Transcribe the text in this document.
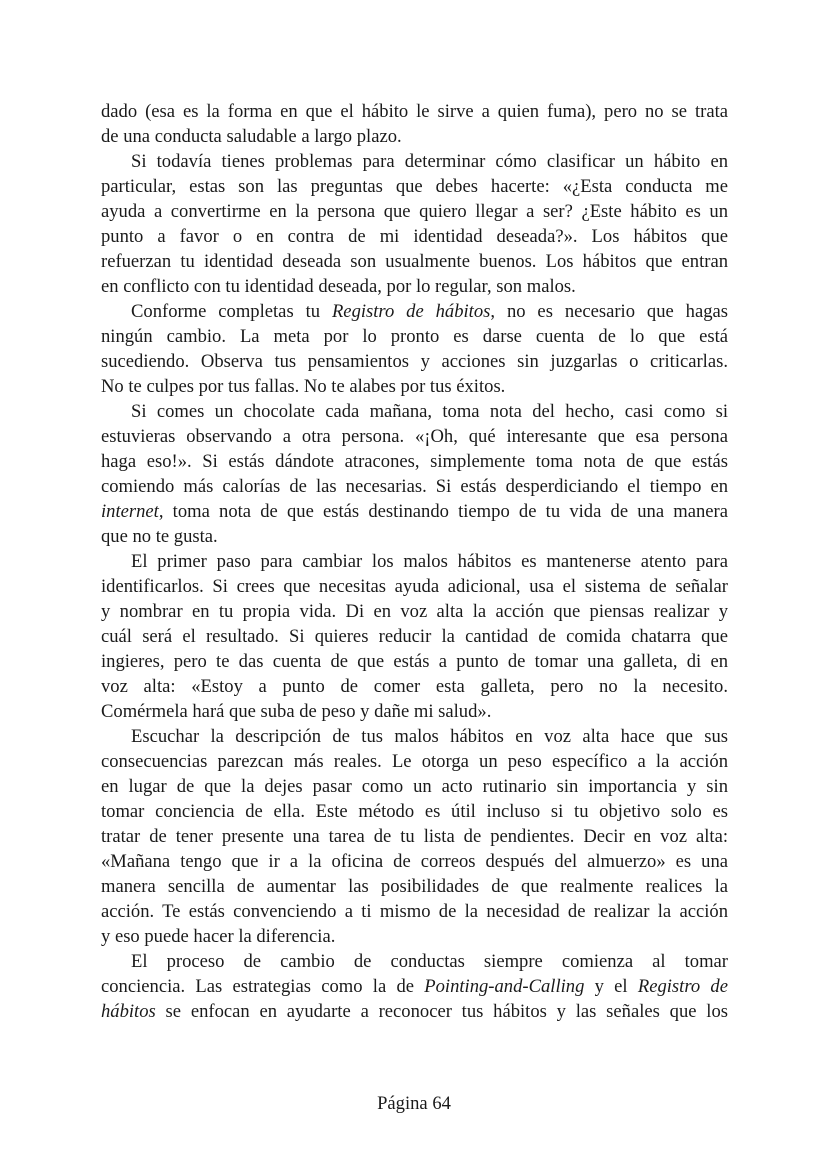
dado (esa es la forma en que el hábito le sirve a quien fuma), pero no se trata
de una conducta saludable a largo plazo.
Si todavía tienes problemas para determinar cómo clasificar un hábito en
particular, estas son las preguntas que debes hacerte: «¿Esta conducta me
ayuda a convertirme en la persona que quiero llegar a ser? ¿Este hábito es un
punto a favor o en contra de mi identidad deseada?». Los hábitos que
refuerzan tu identidad deseada son usualmente buenos. Los hábitos que entran
en conflicto con tu identidad deseada, por lo regular, son malos.
Conforme completas tu Registro de hábitos, no es necesario que hagas
ningún cambio. La meta por lo pronto es darse cuenta de lo que está
sucediendo. Observa tus pensamientos y acciones sin juzgarlas o criticarlas.
No te culpes por tus fallas. No te alabes por tus éxitos.
Si comes un chocolate cada mañana, toma nota del hecho, casi como si
estuvieras observando a otra persona. «¡Oh, qué interesante que esa persona
haga eso!». Si estás dándote atracones, simplemente toma nota de que estás
comiendo más calorías de las necesarias. Si estás desperdiciando el tiempo en
internet, toma nota de que estás destinando tiempo de tu vida de una manera
que no te gusta.
El primer paso para cambiar los malos hábitos es mantenerse atento para
identificarlos. Si crees que necesitas ayuda adicional, usa el sistema de señalar
y nombrar en tu propia vida. Di en voz alta la acción que piensas realizar y
cuál será el resultado. Si quieres reducir la cantidad de comida chatarra que
ingieres, pero te das cuenta de que estás a punto de tomar una galleta, di en
voz alta: «Estoy a punto de comer esta galleta, pero no la necesito.
Comérmela hará que suba de peso y dañe mi salud».
Escuchar la descripción de tus malos hábitos en voz alta hace que sus
consecuencias parezcan más reales. Le otorga un peso específico a la acción
en lugar de que la dejes pasar como un acto rutinario sin importancia y sin
tomar conciencia de ella. Este método es útil incluso si tu objetivo solo es
tratar de tener presente una tarea de tu lista de pendientes. Decir en voz alta:
«Mañana tengo que ir a la oficina de correos después del almuerzo» es una
manera sencilla de aumentar las posibilidades de que realmente realices la
acción. Te estás convenciendo a ti mismo de la necesidad de realizar la acción
y eso puede hacer la diferencia.
El proceso de cambio de conductas siempre comienza al tomar
conciencia. Las estrategias como la de Pointing-and-Calling y el Registro de
hábitos se enfocan en ayudarte a reconocer tus hábitos y las señales que los
Página 64
